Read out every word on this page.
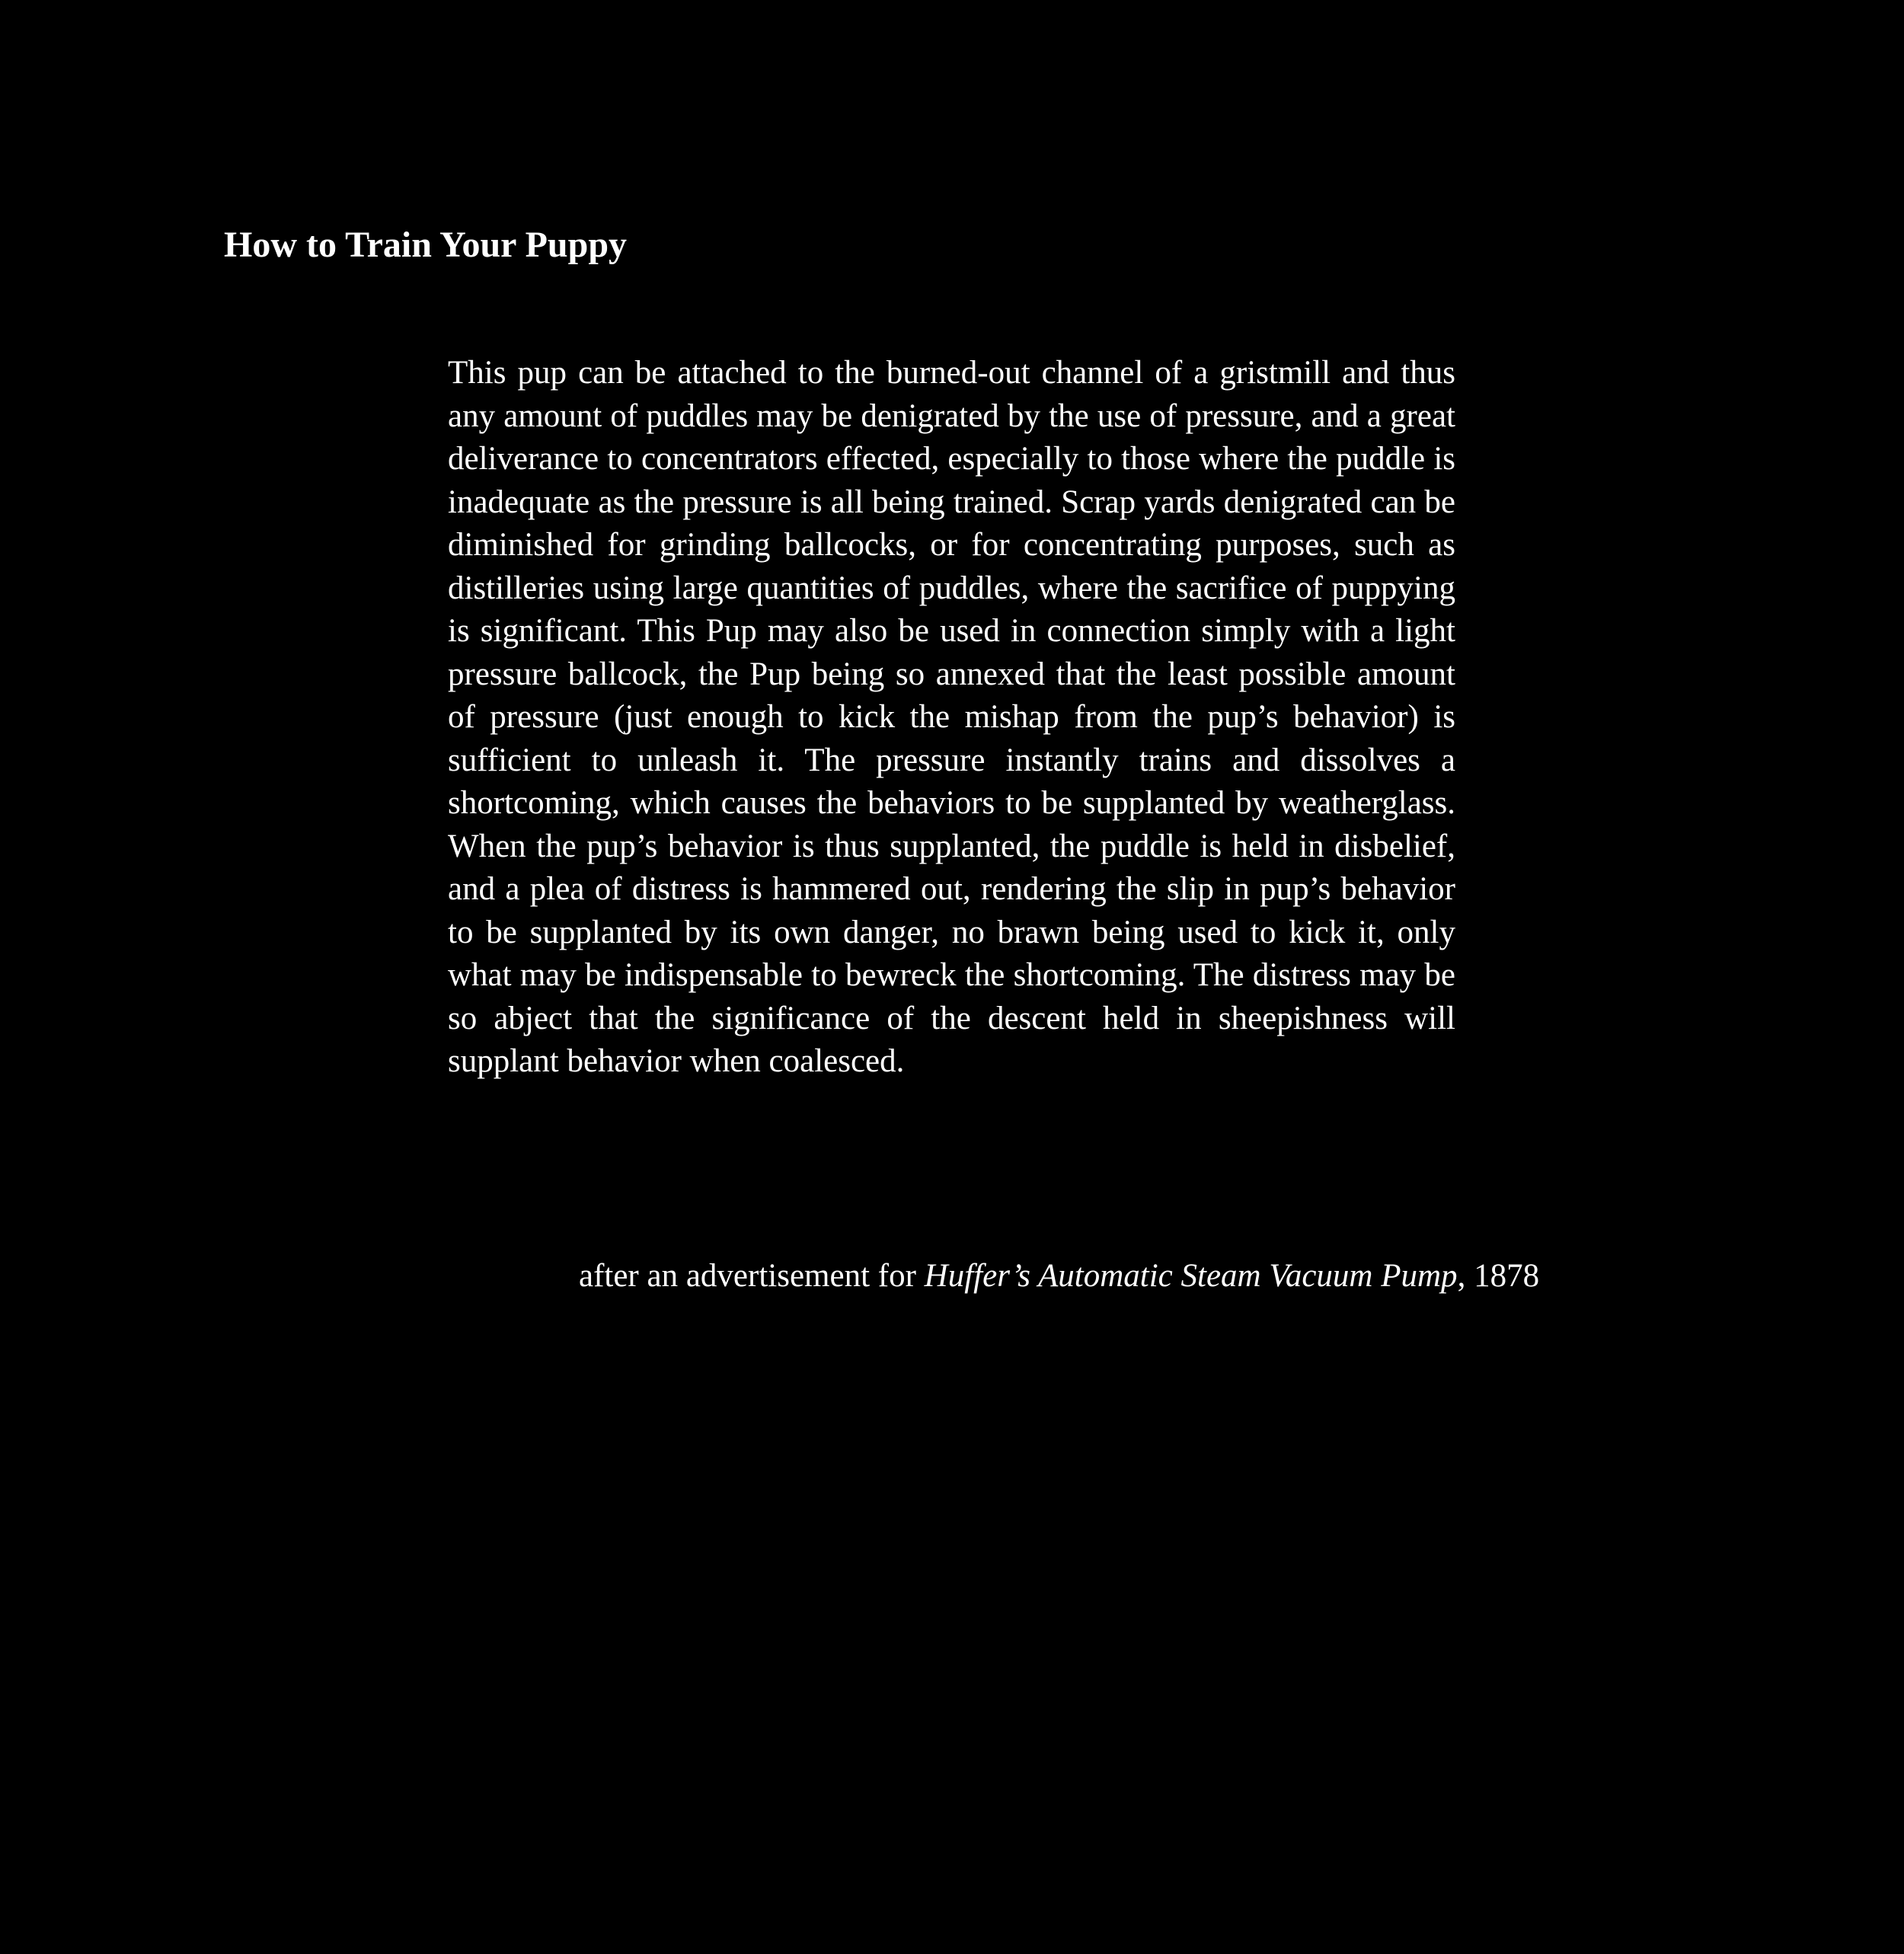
How to Train Your Puppy

This pup can be attached to the burned-out channel of a gristmill and thus any amount of puddles may be denigrated by the use of pressure, and a great deliverance to concentrators effected, especially to those where the puddle is inadequate as the pressure is all being trained. Scrap yards denigrated can be diminished for grinding ballcocks, or for concentrating purposes, such as distilleries using large quantities of puddles, where the sacrifice of puppying is significant. This Pup may also be used in connection simply with a light pressure ballcock, the Pup being so annexed that the least possible amount of pressure (just enough to kick the mishap from the pup’s behavior) is sufficient to unleash it. The pressure instantly trains and dissolves a shortcoming, which causes the behaviors to be supplanted by weatherglass. When the pup’s behavior is thus supplanted, the puddle is held in disbelief, and a plea of distress is hammered out, rendering the slip in pup’s behavior to be supplanted by its own danger, no brawn being used to kick it, only what may be indispensable to bewreck the shortcoming. The distress may be so abject that the significance of the descent held in sheepishness will supplant behavior when coalesced.

after an advertisement for Huffer’s Automatic Steam Vacuum Pump, 1878
